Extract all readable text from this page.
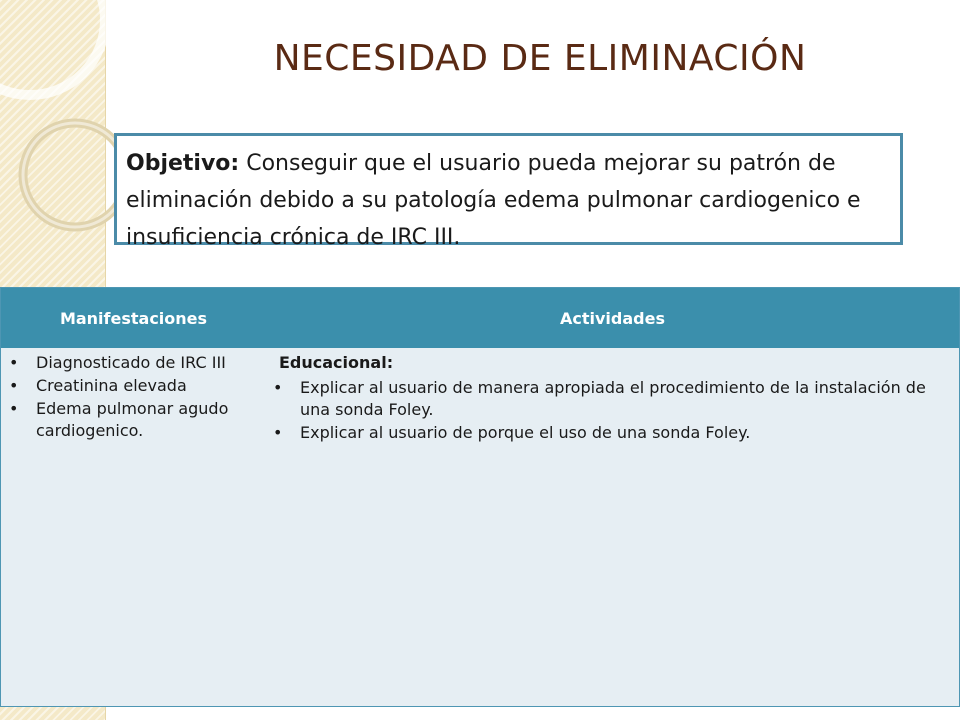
NECESIDAD DE ELIMINACIÓN
Objetivo: Conseguir que el usuario pueda mejorar su patrón de eliminación debido a su patología edema pulmonar cardiogenico e insuficiencia crónica de IRC III.
Manifestaciones	Actividades
• Diagnosticado de IRC III
• Creatinina elevada
• Edema pulmonar agudo cardiogenico.
Educacional:
• Explicar al usuario de manera apropiada el procedimiento de la instalación de una sonda Foley.
• Explicar al usuario de porque el uso de una sonda Foley.
